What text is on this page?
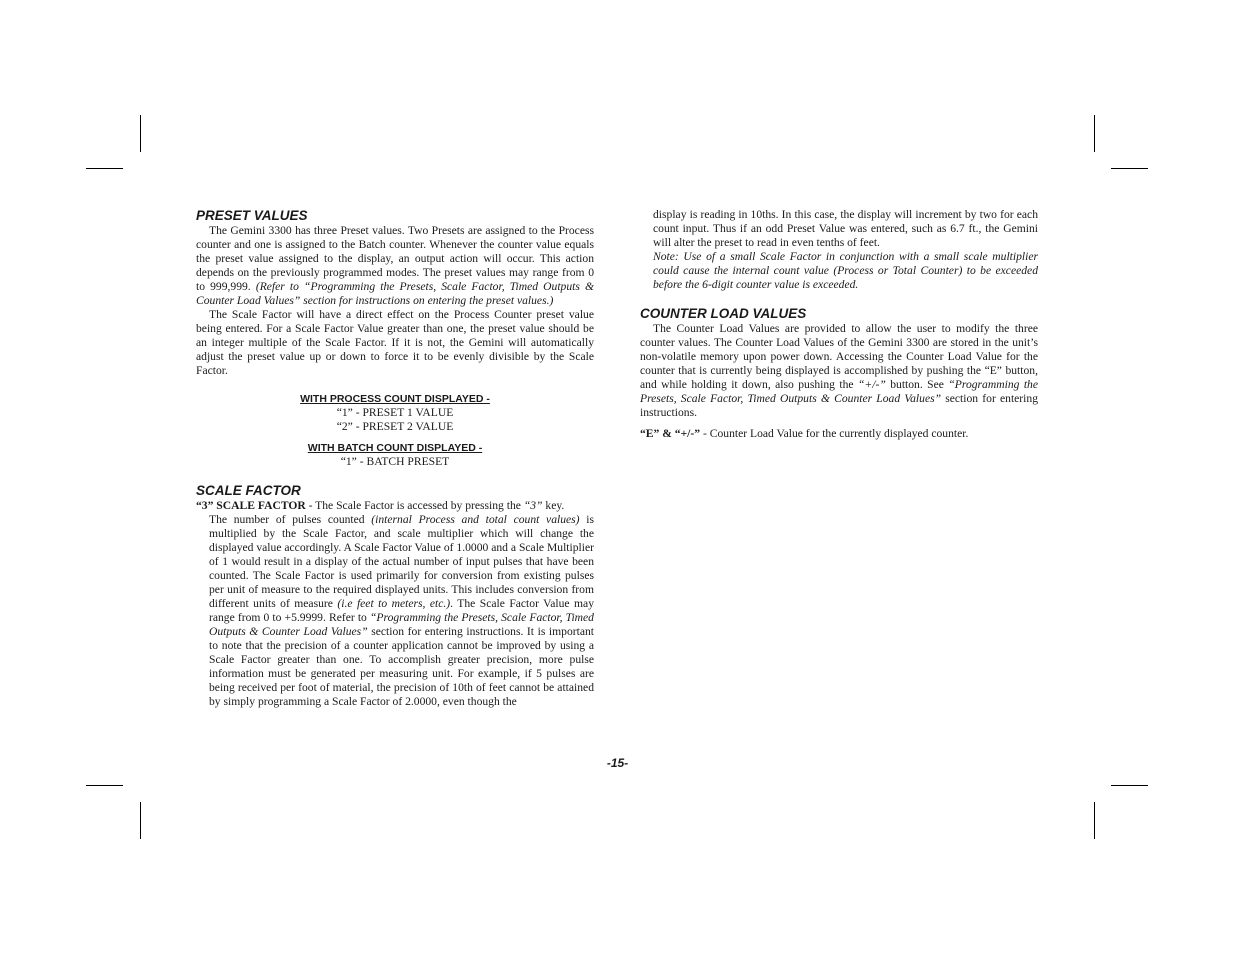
PRESET VALUES

The Gemini 3300 has three Preset values. Two Presets are assigned to the Process counter and one is assigned to the Batch counter. Whenever the counter value equals the preset value assigned to the display, an output action will occur. This action depends on the previously programmed modes. The preset values may range from 0 to 999,999. (Refer to “Programming the Presets, Scale Factor, Timed Outputs & Counter Load Values” section for instructions on entering the preset values.)

The Scale Factor will have a direct effect on the Process Counter preset value being entered. For a Scale Factor Value greater than one, the preset value should be an integer multiple of the Scale Factor. If it is not, the Gemini will automatically adjust the preset value up or down to force it to be evenly divisible by the Scale Factor.

WITH PROCESS COUNT DISPLAYED -

“1” - PRESET 1 VALUE

“2” - PRESET 2 VALUE

WITH BATCH COUNT DISPLAYED -

“1” - BATCH PRESET

SCALE FACTOR

“3” SCALE FACTOR - The Scale Factor is accessed by pressing the “3” key.

The number of pulses counted (internal Process and total count values) is multiplied by the Scale Factor, and scale multiplier which will change the displayed value accordingly. A Scale Factor Value of 1.0000 and a Scale Multiplier of 1 would result in a display of the actual number of input pulses that have been counted. The Scale Factor is used primarily for conversion from existing pulses per unit of measure to the required displayed units. This includes conversion from different units of measure (i.e feet to meters, etc.). The Scale Factor Value may range from 0 to +5.9999. Refer to “Programming the Presets, Scale Factor, Timed Outputs & Counter Load Values” section for entering instructions. It is important to note that the precision of a counter application cannot be improved by using a Scale Factor greater than one. To accomplish greater precision, more pulse information must be generated per measuring unit. For example, if 5 pulses are being received per foot of material, the precision of 10th of feet cannot be attained by simply programming a Scale Factor of 2.0000, even though the

display is reading in 10ths. In this case, the display will increment by two for each count input. Thus if an odd Preset Value was entered, such as 6.7 ft., the Gemini will alter the preset to read in even tenths of feet.

Note: Use of a small Scale Factor in conjunction with a small scale multiplier could cause the internal count value (Process or Total Counter) to be exceeded before the 6-digit counter value is exceeded.

COUNTER LOAD VALUES

The Counter Load Values are provided to allow the user to modify the three counter values. The Counter Load Values of the Gemini 3300 are stored in the unit’s non-volatile memory upon power down. Accessing the Counter Load Value for the counter that is currently being displayed is accomplished by pushing the “E” button, and while holding it down, also pushing the “+/-” button. See “Programming the Presets, Scale Factor, Timed Outputs & Counter Load Values” section for entering instructions.

“E” & “+/-” - Counter Load Value for the currently displayed counter.

-15-
